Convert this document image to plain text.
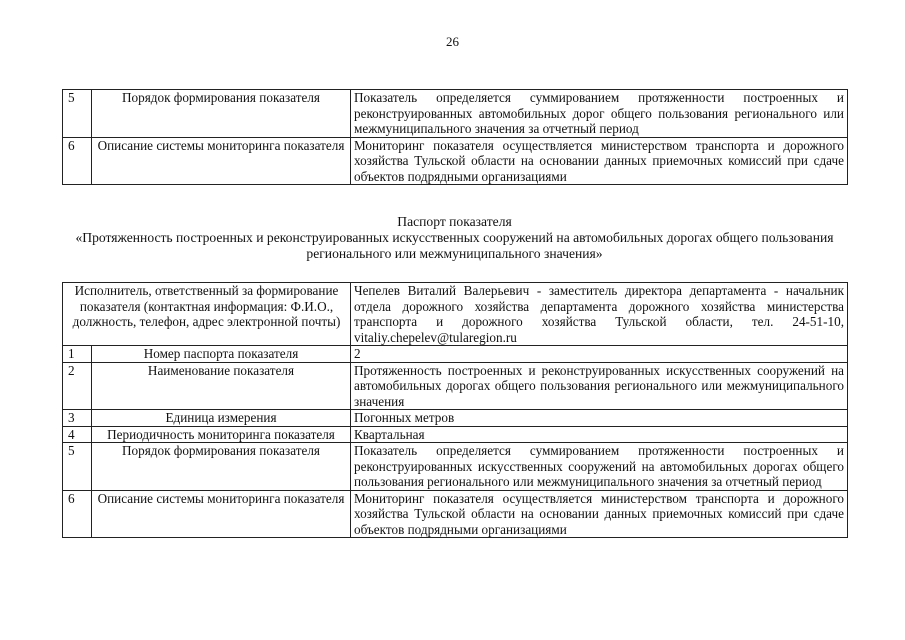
26
5	Порядок формирования показателя	Показатель определяется суммированием протяженности построенных и реконструированных автомобильных дорог общего пользования регионального или межмуниципального значения за отчетный период
6	Описание системы мониторинга показателя	Мониторинг показателя осуществляется министерством транспорта и дорожного хозяйства Тульской области на основании данных приемочных комиссий при сдаче объектов подрядными организациями
Паспорт показателя
«Протяженность построенных и реконструированных искусственных сооружений на автомобильных дорогах общего пользования регионального или межмуниципального значения»
Исполнитель, ответственный за формирование показателя (контактная информация: Ф.И.О., должность, телефон, адрес электронной почты)		Чепелев Виталий Валерьевич - заместитель директора департамента - начальник отдела дорожного хозяйства департамента дорожного хозяйства министерства транспорта и дорожного хозяйства Тульской области, тел. 24-51-10, vitaliy.chepelev@tularegion.ru
1	Номер паспорта показателя	2
2	Наименование показателя	Протяженность построенных и реконструированных искусственных сооружений на автомобильных дорогах общего пользования регионального или межмуниципального значения
3	Единица измерения	Погонных метров
4	Периодичность мониторинга показателя	Квартальная
5	Порядок формирования показателя	Показатель определяется суммированием протяженности построенных и реконструированных искусственных сооружений на автомобильных дорогах общего пользования регионального или межмуниципального значения за отчетный период
6	Описание системы мониторинга показателя	Мониторинг показателя осуществляется министерством транспорта и дорожного хозяйства Тульской области на основании данных приемочных комиссий при сдаче объектов подрядными организациями
